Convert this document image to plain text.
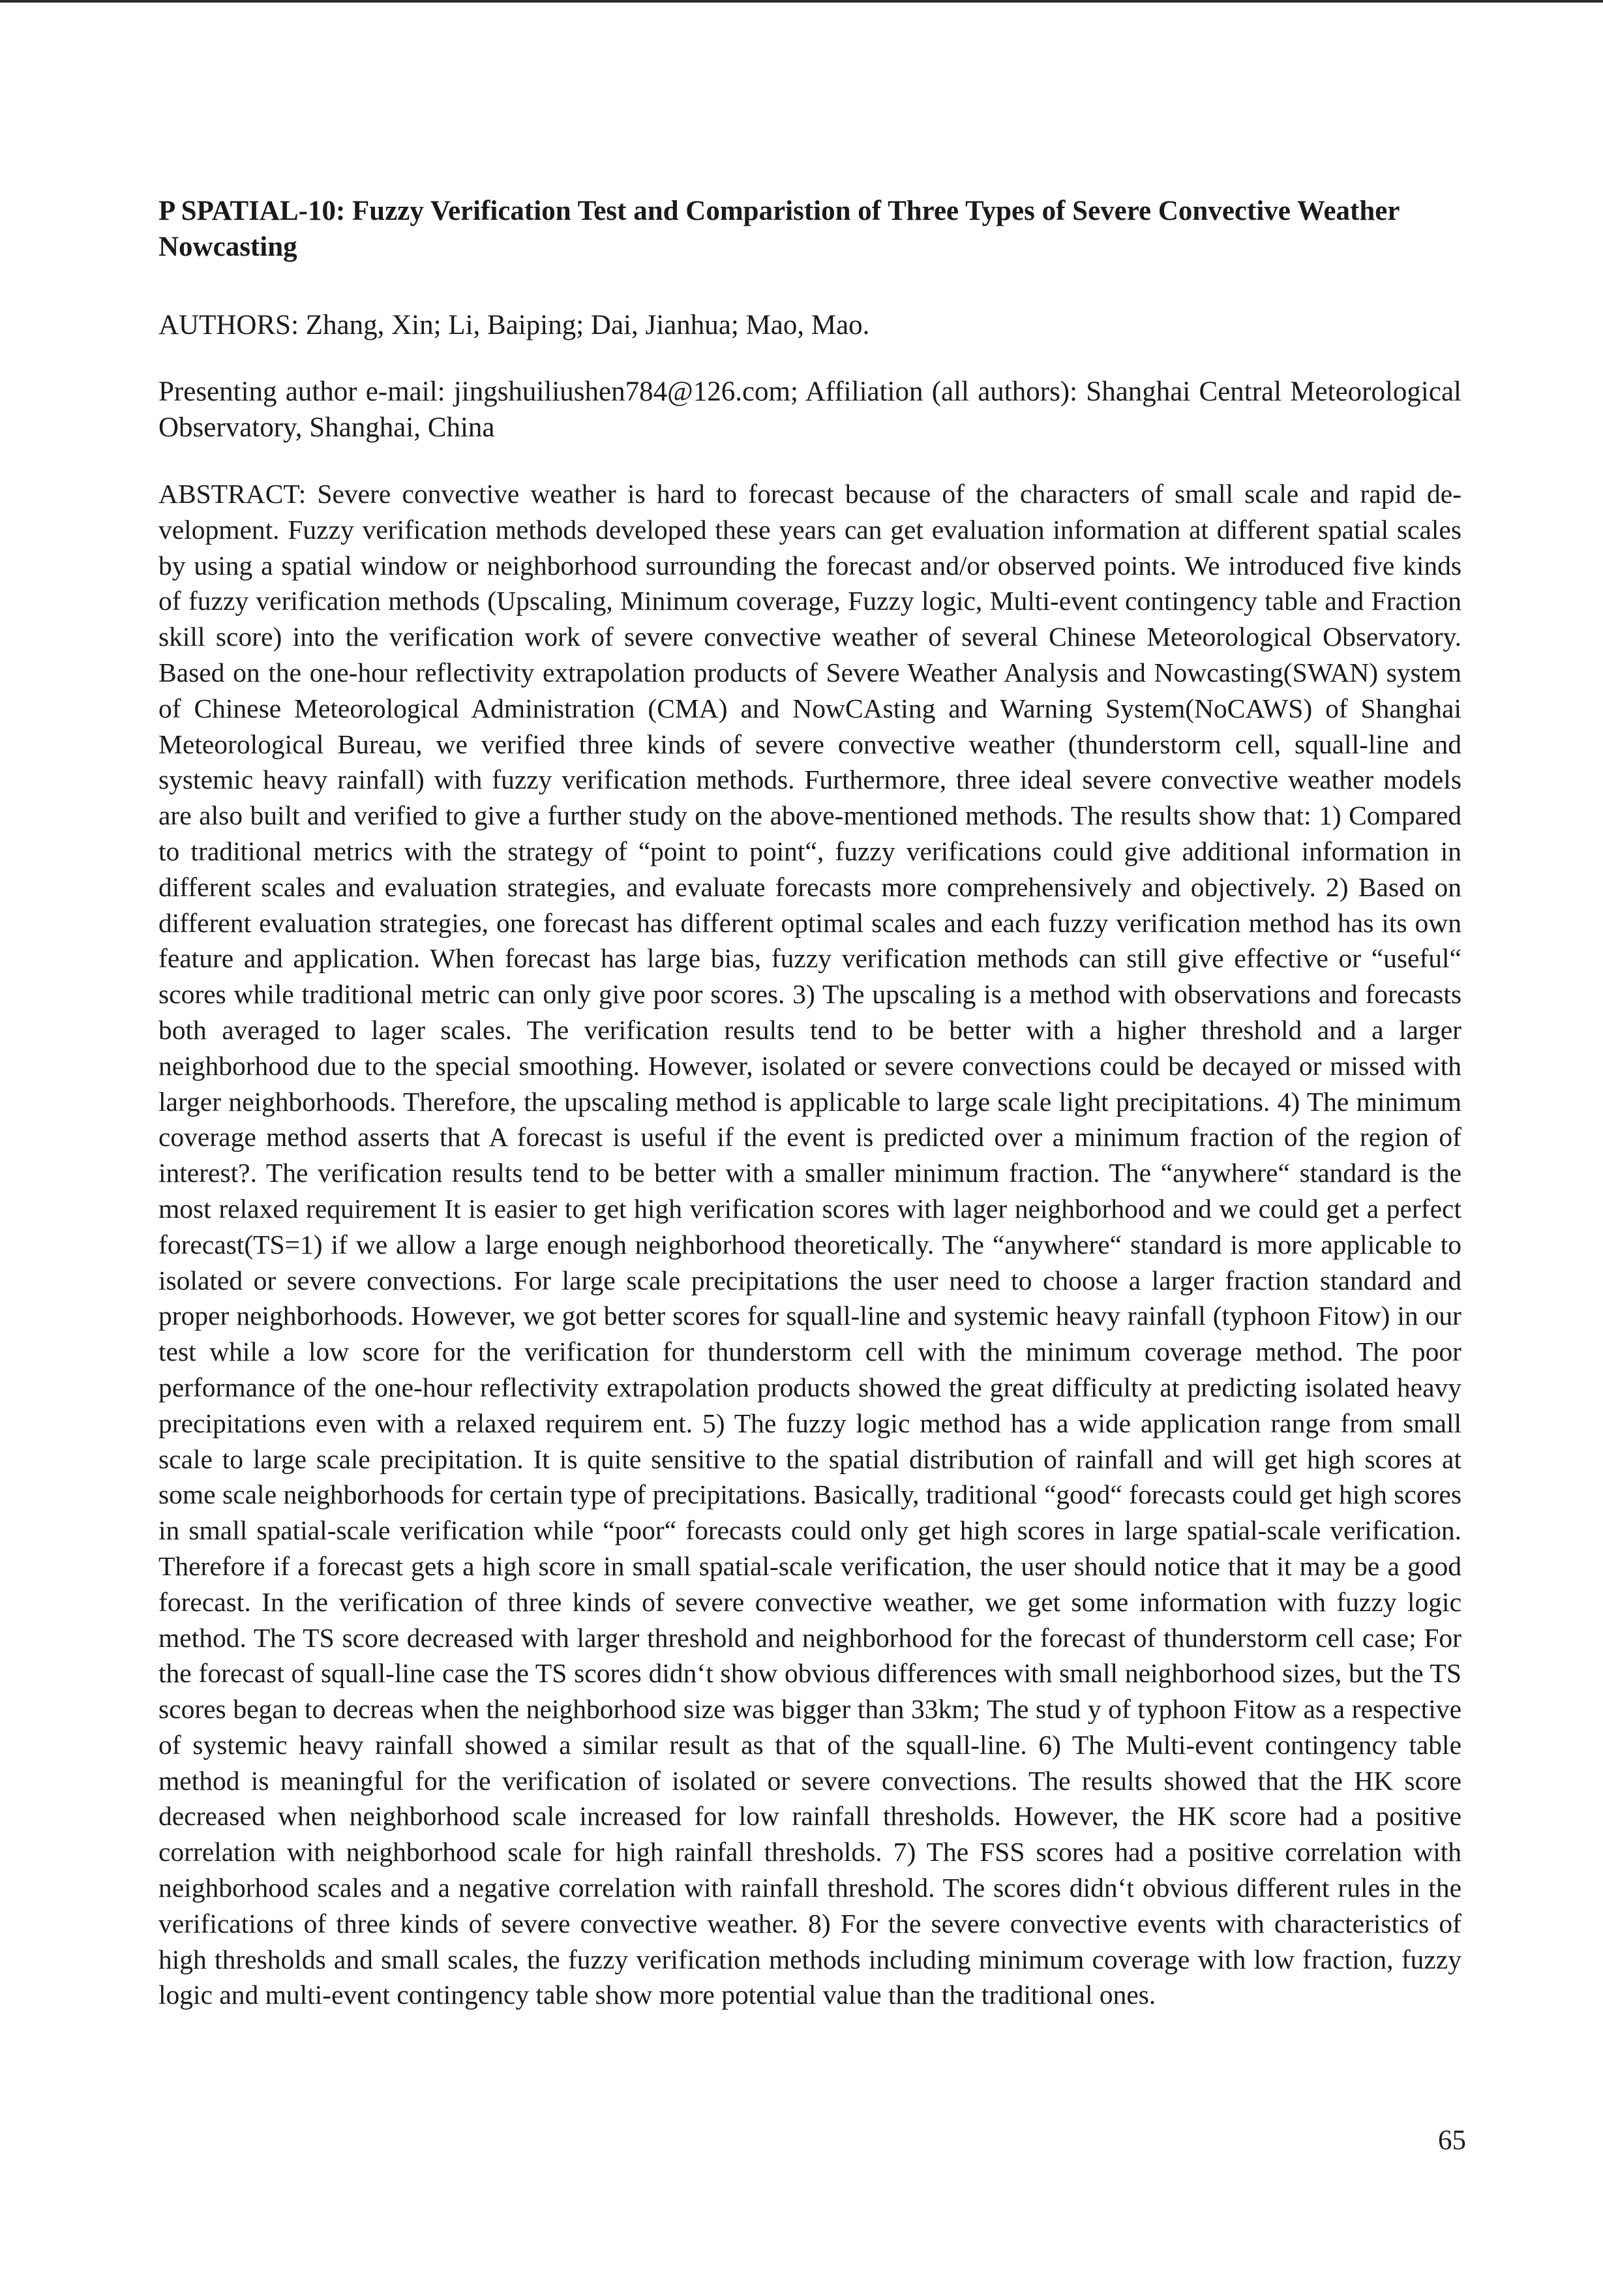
P SPATIAL-10: Fuzzy Verification Test and Comparistion of Three Types of Severe Convective Weather Nowcasting

AUTHORS: Zhang, Xin; Li, Baiping; Dai, Jianhua; Mao, Mao.

Presenting author e-mail: jingshuiliushen784@126.com; Affiliation (all authors): Shanghai Central Meteorological Observatory, Shanghai, China

ABSTRACT: Severe convective weather is hard to forecast because of the characters of small scale and rapid development. Fuzzy verification methods developed these years can get evaluation information at different spatial scales by using a spatial window or neighborhood surrounding the forecast and/or observed points. We introduced five kinds of fuzzy verification methods (Upscaling, Minimum coverage, Fuzzy logic, Multi-event contingency table and Fraction skill score) into the verification work of severe convective weather of several Chinese Meteorological Observatory. Based on the one-hour reflectivity extrapolation products of Severe Weather Analysis and Nowcasting(SWAN) system of Chinese Meteorological Administration (CMA) and NowCAsting and Warning System(NoCAWS) of Shanghai Meteorological Bureau, we verified three kinds of severe convective weather (thunderstorm cell, squall-line and systemic heavy rainfall) with fuzzy verification methods. Furthermore, three ideal severe convective weather models are also built and verified to give a further study on the above-mentioned methods. The results show that: 1) Compared to traditional metrics with the strategy of “point to point“, fuzzy verifications could give additional information in different scales and evaluation strategies, and evaluate forecasts more comprehensively and objectively. 2) Based on different evaluation strategies, one forecast has different optimal scales and each fuzzy verification method has its own feature and application. When forecast has large bias, fuzzy verification methods can still give effective or “useful“ scores while traditional metric can only give poor scores. 3) The upscaling is a method with observations and forecasts both averaged to lager scales. The verification results tend to be better with a higher threshold and a larger neighborhood due to the special smoothing. However, isolated or severe convections could be decayed or missed with larger neighborhoods. Therefore, the upscaling method is applicable to large scale light precipitations. 4) The minimum coverage method asserts that A forecast is useful if the event is predicted over a minimum fraction of the region of interest?. The verification results tend to be better with a smaller minimum fraction. The “anywhere“ standard is the most relaxed requirement It is easier to get high verification scores with lager neighborhood and we could get a perfect forecast(TS=1) if we allow a large enough neighborhood theoretically. The “anywhere“ standard is more applicable to isolated or severe convections. For large scale precipitations the user need to choose a larger fraction standard and proper neighborhoods. However, we got better scores for squall-line and systemic heavy rainfall (typhoon Fitow) in our test while a low score for the verification for thunderstorm cell with the minimum coverage method. The poor performance of the one-hour reflectivity extrapolation products showed the great difficulty at predicting isolated heavy precipitations even with a relaxed requirem ent. 5) The fuzzy logic method has a wide application range from small scale to large scale precipitation. It is quite sensitive to the spatial distribution of rainfall and will get high scores at some scale neighborhoods for certain type of precipitations. Basically, traditional “good“ forecasts could get high scores in small spatial-scale verification while “poor“ forecasts could only get high scores in large spatial-scale verification. Therefore if a forecast gets a high score in small spatial-scale verification, the user should notice that it may be a good forecast. In the verification of three kinds of severe convective weather, we get some information with fuzzy logic method. The TS score decreased with larger threshold and neighborhood for the forecast of thunderstorm cell case; For the forecast of squall-line case the TS scores didn‘t show obvious differences with small neighborhood sizes, but the TS scores began to decreas when the neighborhood size was bigger than 33km; The stud y of typhoon Fitow as a respective of systemic heavy rainfall showed a similar result as that of the squall-line. 6) The Multi-event contingency table method is meaningful for the verification of isolated or severe convections. The results showed that the HK score decreased when neighborhood scale increased for low rainfall thresholds. However, the HK score had a positive correlation with neighborhood scale for high rainfall thresholds. 7) The FSS scores had a positive correlation with neighborhood scales and a negative correlation with rainfall threshold. The scores didn‘t obvious different rules in the verifications of three kinds of severe convective weather. 8) For the severe convective events with characteristics of high thresholds and small scales, the fuzzy verification methods including minimum coverage with low fraction, fuzzy logic and multi-event contingency table show more potential value than the traditional ones.

65
